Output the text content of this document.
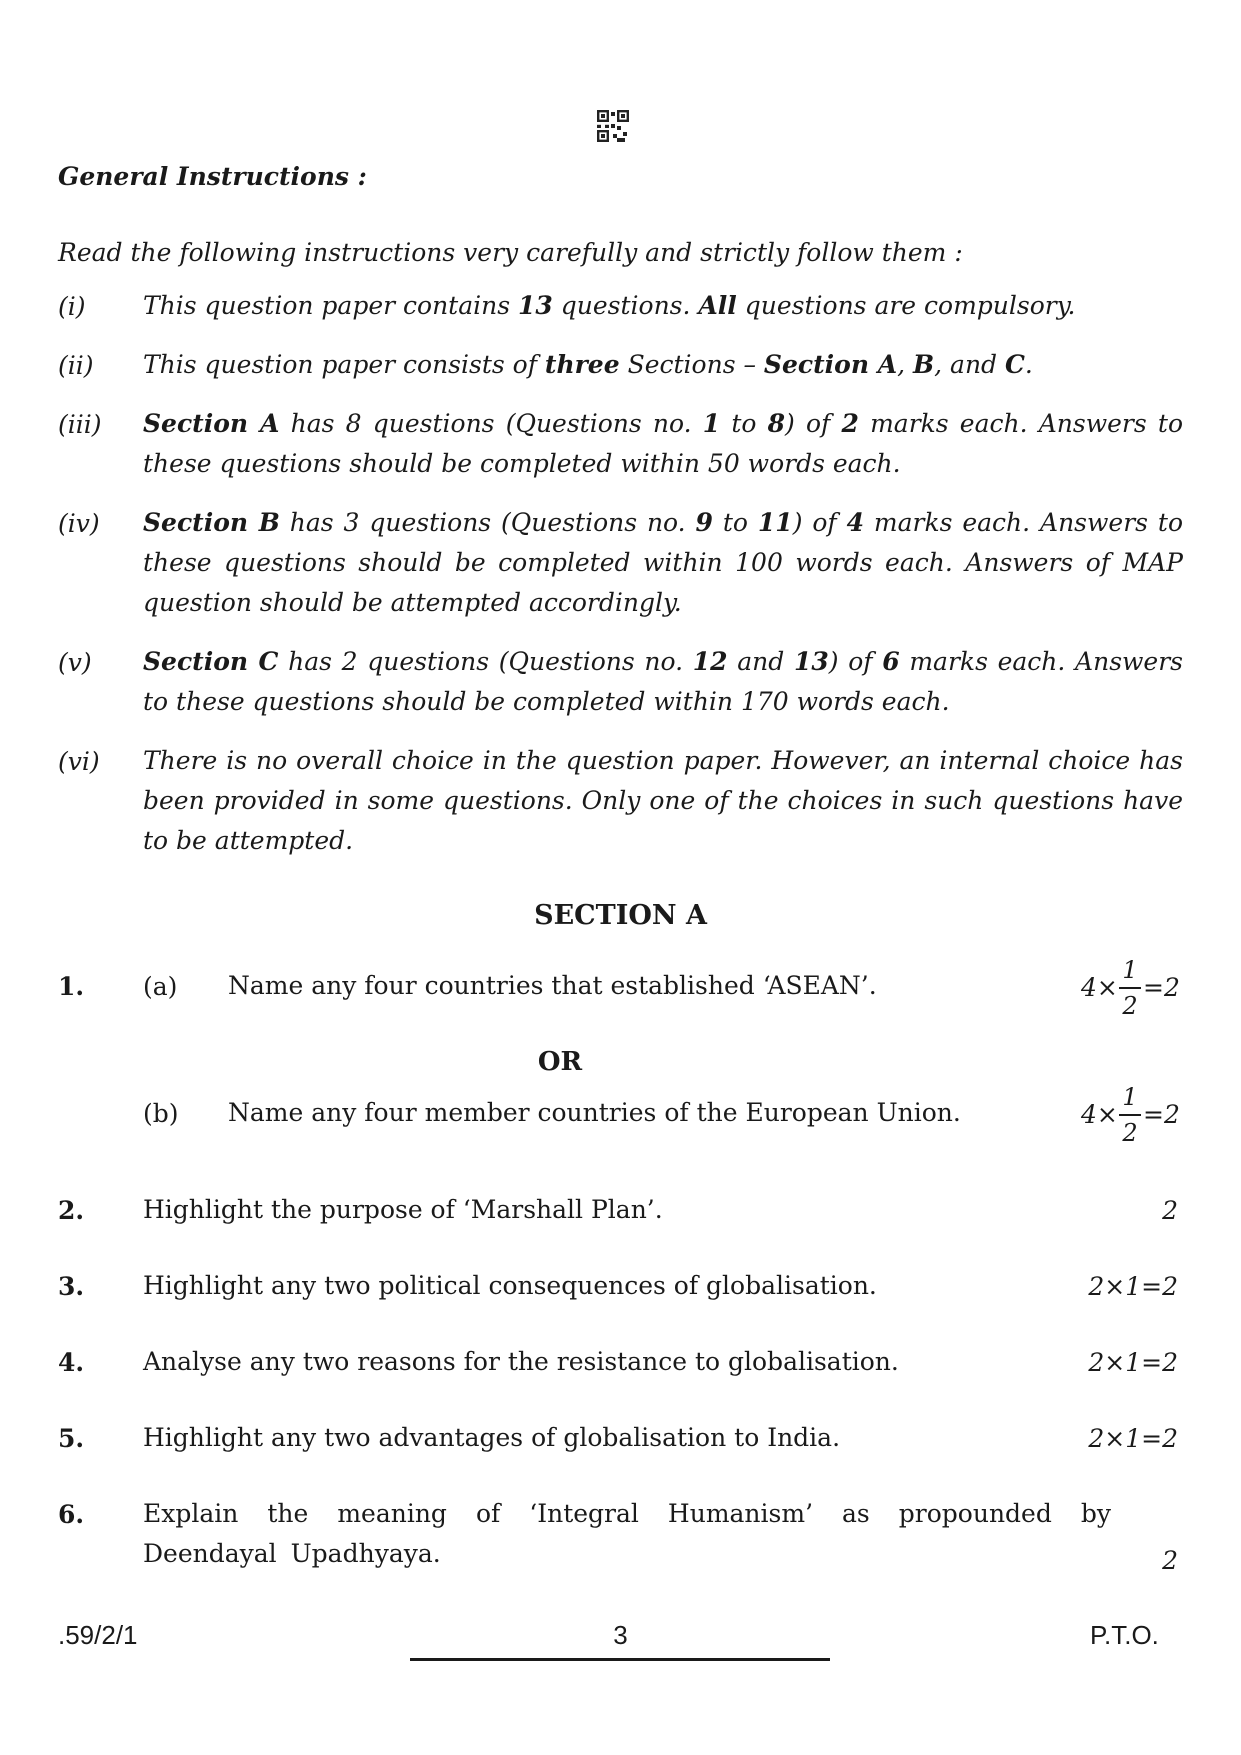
General Instructions :
Read the following instructions very carefully and strictly follow them :
(i) This question paper contains 13 questions. All questions are compulsory.
(ii) This question paper consists of three Sections – Section A, B, and C.
(iii) Section A has 8 questions (Questions no. 1 to 8) of 2 marks each. Answers to these questions should be completed within 50 words each.
(iv) Section B has 3 questions (Questions no. 9 to 11) of 4 marks each. Answers to these questions should be completed within 100 words each. Answers of MAP question should be attempted accordingly.
(v) Section C has 2 questions (Questions no. 12 and 13) of 6 marks each. Answers to these questions should be completed within 170 words each.
(vi) There is no overall choice in the question paper. However, an internal choice has been provided in some questions. Only one of the choices in such questions have to be attempted.
SECTION A
1. (a) Name any four countries that established ‘ASEAN’.	4×
1
2
=2
OR
(b) Name any four member countries of the European Union.	4×
1
2
=2
2. Highlight the purpose of ‘Marshall Plan’.	2
3. Highlight any two political consequences of globalisation.	2×1=2
4. Analyse any two reasons for the resistance to globalisation.	2×1=2
5. Highlight any two advantages of globalisation to India.	2×1=2
6. Explain the meaning of ‘Integral Humanism’ as propounded by Deendayal Upadhyaya.	2
.59/2/1	3	P.T.O.
